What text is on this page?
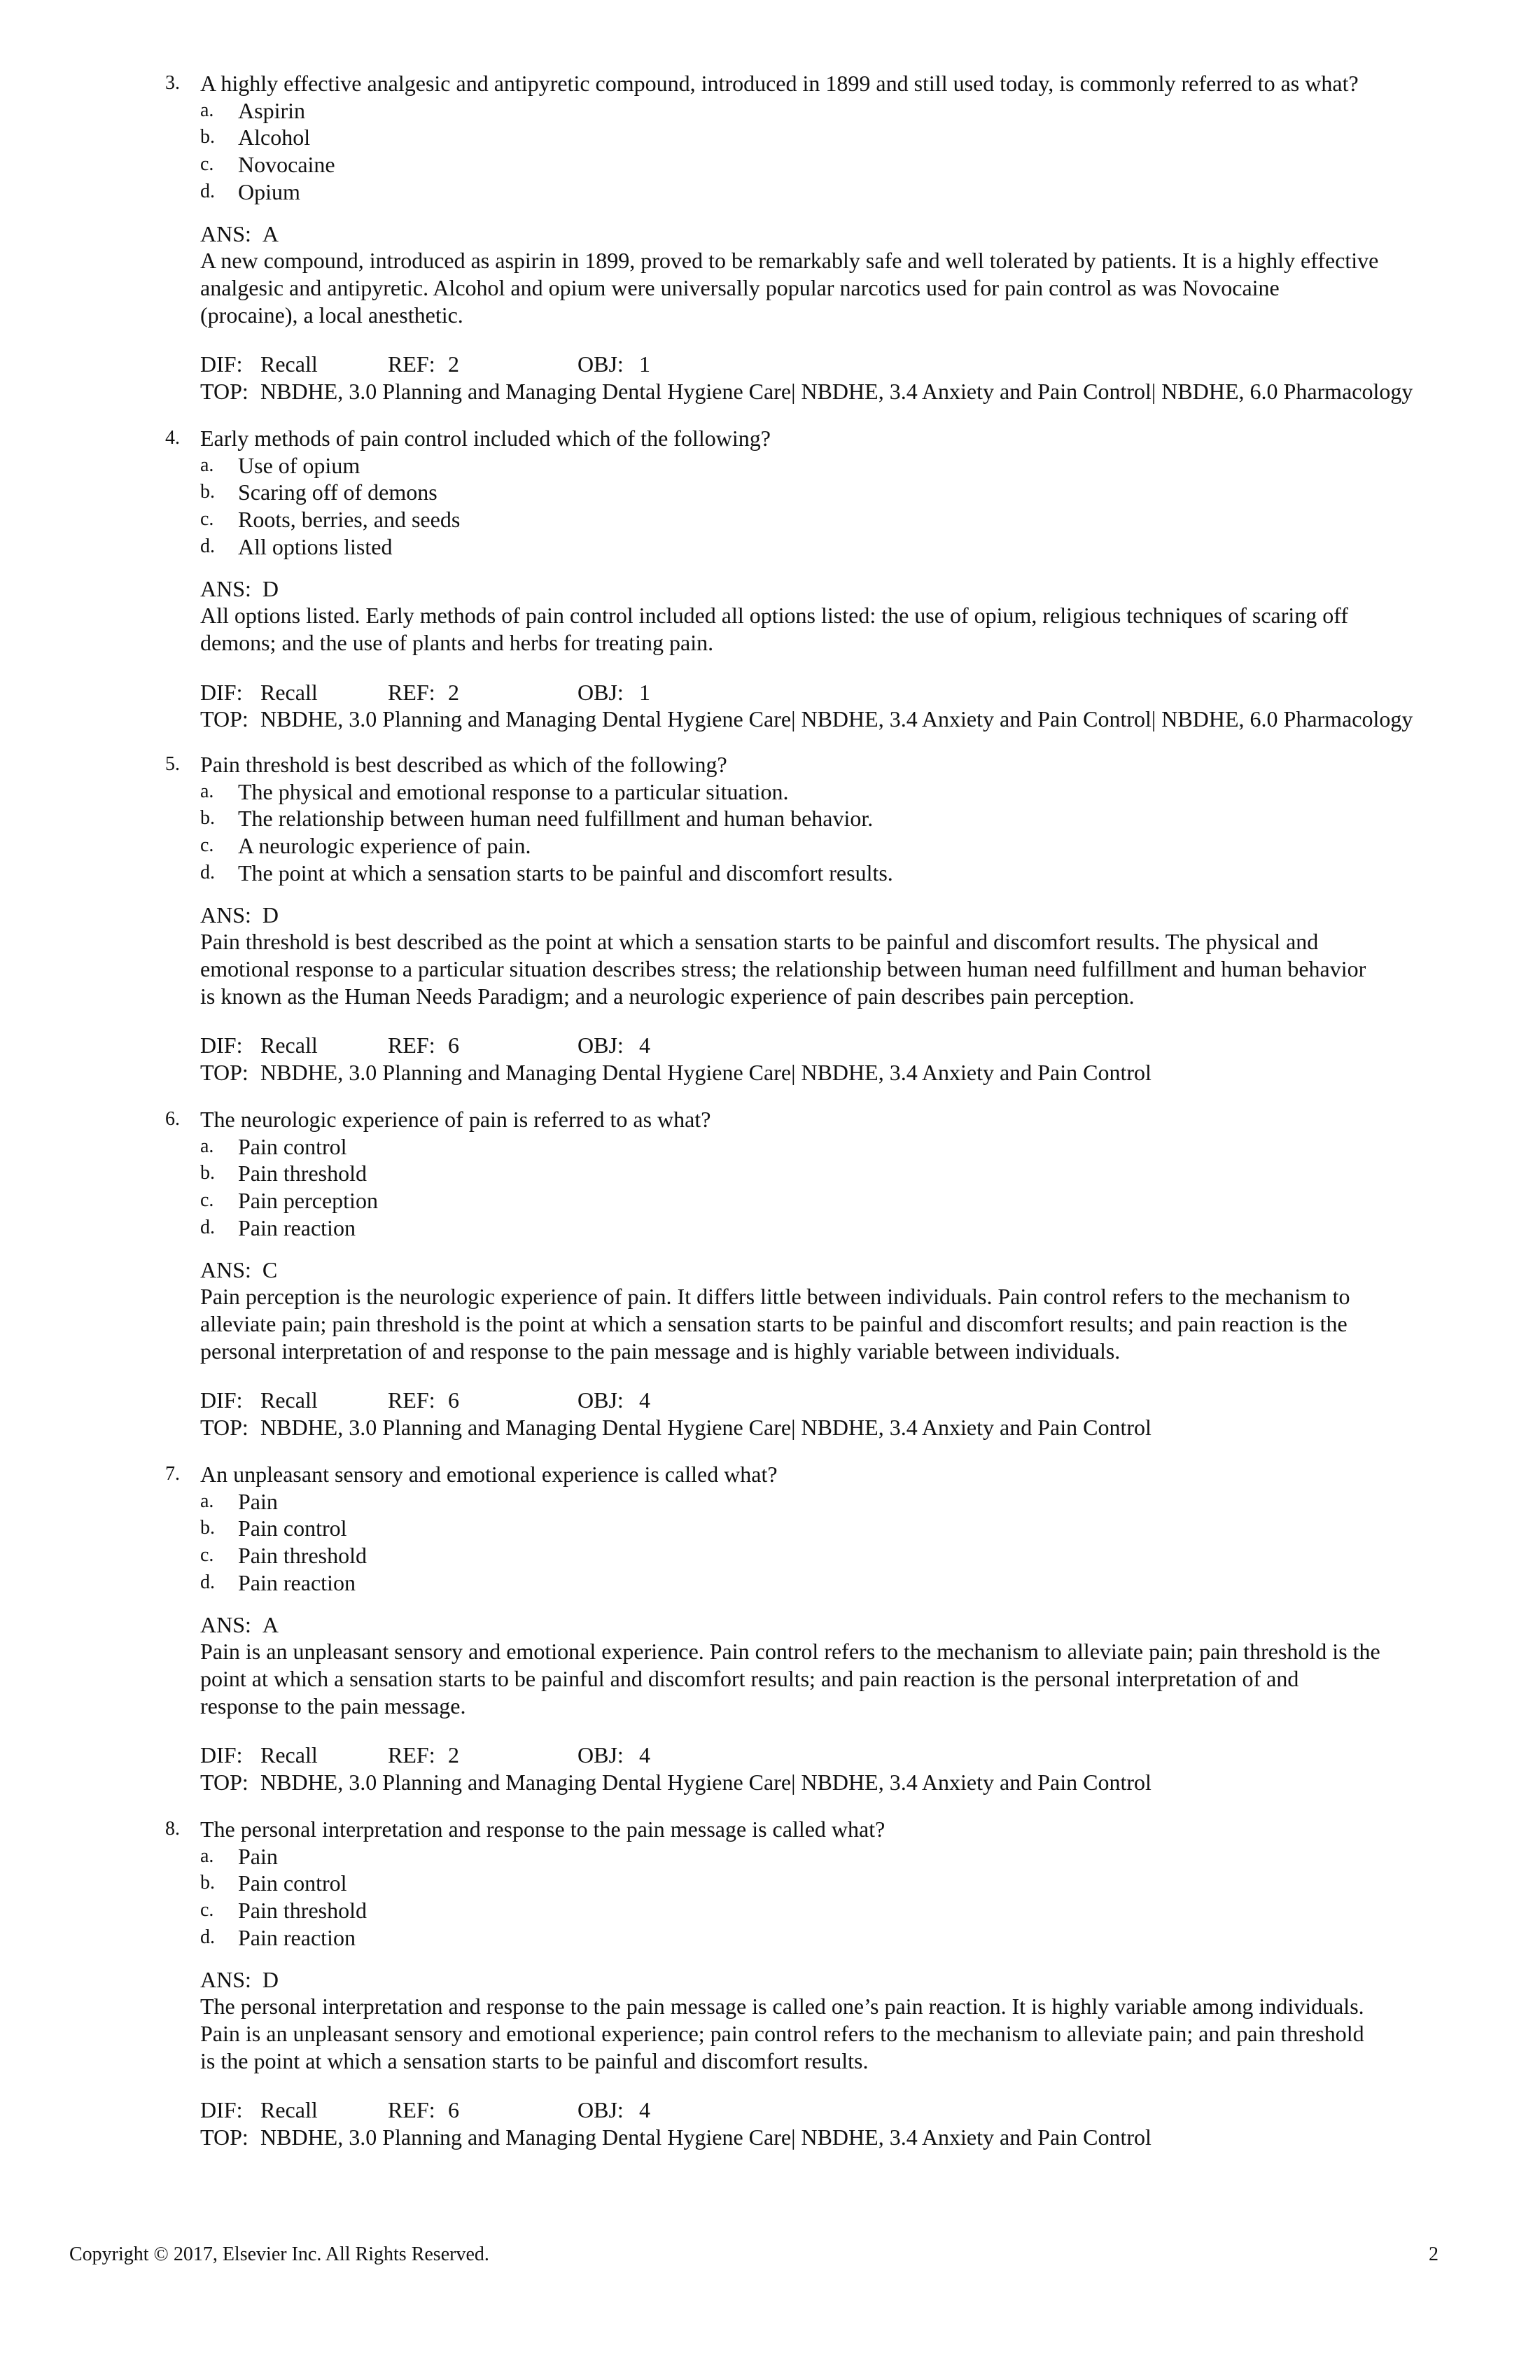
3. A highly effective analgesic and antipyretic compound, introduced in 1899 and still used today, is commonly referred to as what?
a. Aspirin
b. Alcohol
c. Novocaine
d. Opium
ANS: A
A new compound, introduced as aspirin in 1899, proved to be remarkably safe and well tolerated by patients. It is a highly effective
analgesic and antipyretic. Alcohol and opium were universally popular narcotics used for pain control as was Novocaine
(procaine), a local anesthetic.
DIF: Recall	REF: 2	OBJ: 1
TOP: NBDHE, 3.0 Planning and Managing Dental Hygiene Care| NBDHE, 3.4 Anxiety and Pain Control| NBDHE, 6.0 Pharmacology
4. Early methods of pain control included which of the following?
a. Use of opium
b. Scaring off of demons
c. Roots, berries, and seeds
d. All options listed
ANS: D
All options listed. Early methods of pain control included all options listed: the use of opium, religious techniques of scaring off
demons; and the use of plants and herbs for treating pain.
DIF: Recall	REF: 2	OBJ: 1
TOP: NBDHE, 3.0 Planning and Managing Dental Hygiene Care| NBDHE, 3.4 Anxiety and Pain Control| NBDHE, 6.0 Pharmacology
5. Pain threshold is best described as which of the following?
a. The physical and emotional response to a particular situation.
b. The relationship between human need fulfillment and human behavior.
c. A neurologic experience of pain.
d. The point at which a sensation starts to be painful and discomfort results.
ANS: D
Pain threshold is best described as the point at which a sensation starts to be painful and discomfort results. The physical and
emotional response to a particular situation describes stress; the relationship between human need fulfillment and human behavior
is known as the Human Needs Paradigm; and a neurologic experience of pain describes pain perception.
DIF: Recall	REF: 6	OBJ: 4
TOP: NBDHE, 3.0 Planning and Managing Dental Hygiene Care| NBDHE, 3.4 Anxiety and Pain Control
6. The neurologic experience of pain is referred to as what?
a. Pain control
b. Pain threshold
c. Pain perception
d. Pain reaction
ANS: C
Pain perception is the neurologic experience of pain. It differs little between individuals. Pain control refers to the mechanism to
alleviate pain; pain threshold is the point at which a sensation starts to be painful and discomfort results; and pain reaction is the
personal interpretation of and response to the pain message and is highly variable between individuals.
DIF: Recall	REF: 6	OBJ: 4
TOP: NBDHE, 3.0 Planning and Managing Dental Hygiene Care| NBDHE, 3.4 Anxiety and Pain Control
7. An unpleasant sensory and emotional experience is called what?
a. Pain
b. Pain control
c. Pain threshold
d. Pain reaction
ANS: A
Pain is an unpleasant sensory and emotional experience. Pain control refers to the mechanism to alleviate pain; pain threshold is the
point at which a sensation starts to be painful and discomfort results; and pain reaction is the personal interpretation of and
response to the pain message.
DIF: Recall	REF: 2	OBJ: 4
TOP: NBDHE, 3.0 Planning and Managing Dental Hygiene Care| NBDHE, 3.4 Anxiety and Pain Control
8. The personal interpretation and response to the pain message is called what?
a. Pain
b. Pain control
c. Pain threshold
d. Pain reaction
ANS: D
The personal interpretation and response to the pain message is called one’s pain reaction. It is highly variable among individuals.
Pain is an unpleasant sensory and emotional experience; pain control refers to the mechanism to alleviate pain; and pain threshold
is the point at which a sensation starts to be painful and discomfort results.
DIF: Recall	REF: 6	OBJ: 4
TOP: NBDHE, 3.0 Planning and Managing Dental Hygiene Care| NBDHE, 3.4 Anxiety and Pain Control
Copyright © 2017, Elsevier Inc. All Rights Reserved.	2
